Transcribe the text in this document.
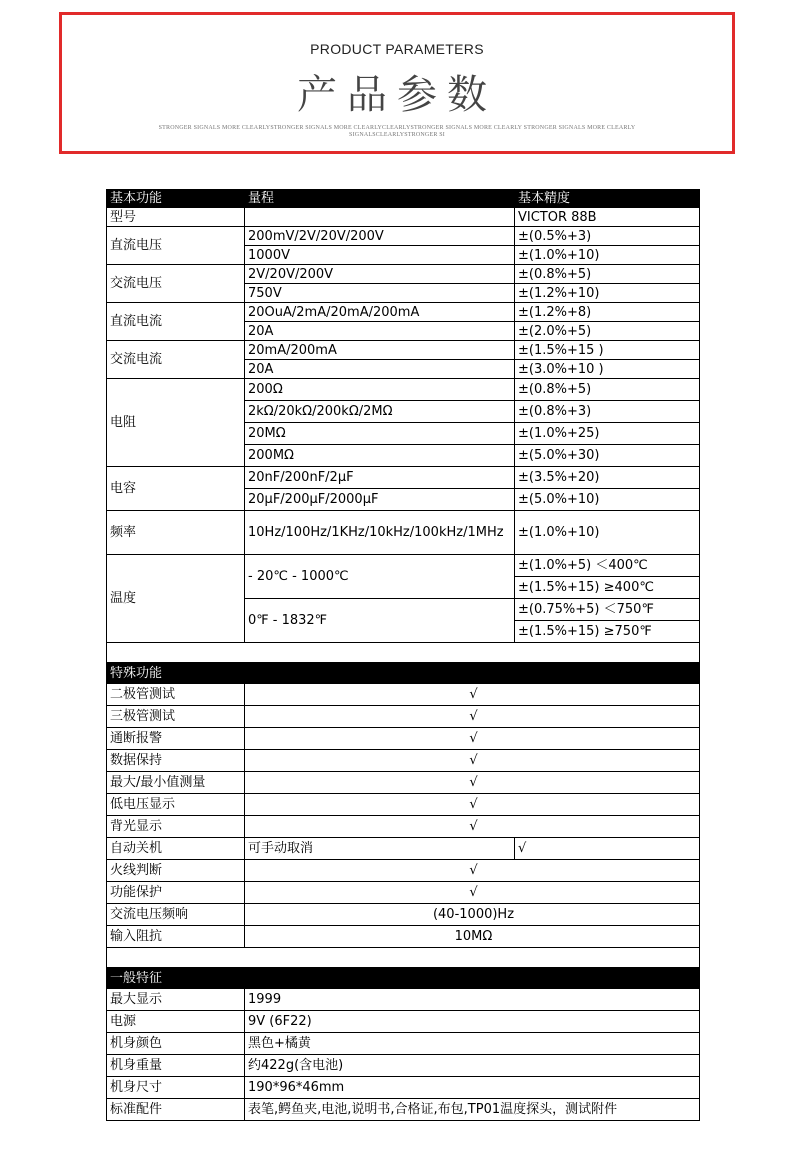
PRODUCT PARAMETERS
产品参数
STRONGER SIGNALS MORE CLEARLYSTRONGER SIGNALS MORE CLEARLYCLEARLYSTRONGER SIGNALS MORE CLEARLY STRONGER SIGNALS MORE CLEARLY SIGNALSCLEARLYSTRONGER SI
基本功能	量程	基本精度
型号		VICTOR 88B
直流电压	200mV/2V/20V/200V	±(0.5%+3)
	1000V	±(1.0%+10)
交流电压	2V/20V/200V	±(0.8%+5)
	750V	±(1.2%+10)
直流电流	20OuA/2mA/20mA/200mA	±(1.2%+8)
	20A	±(2.0%+5)
交流电流	20mA/200mA	±(1.5%+15 )
	20A	±(3.0%+10 )
电阻	200Ω	±(0.8%+5)
	2kΩ/20kΩ/200kΩ/2MΩ	±(0.8%+3)
	20MΩ	±(1.0%+25)
	200MΩ	±(5.0%+30)
电容	20nF/200nF/2μF	±(3.5%+20)
	20μF/200μF/2000μF	±(5.0%+10)
频率	10Hz/100Hz/1KHz/10kHz/100kHz/1MHz	±(1.0%+10)
温度	- 20℃ - 1000℃	±(1.0%+5) ＜400℃
		±(1.5%+15) ≥400℃
	0℉ - 1832℉	±(0.75%+5) ＜750℉
		±(1.5%+15) ≥750℉

特殊功能		
二极管测试	√	
三极管测试	√	
通断报警	√	
数据保持	√	
最大/最小值测量	√	
低电压显示	√	
背光显示	√	
自动关机	可手动取消	√
火线判断	√	
功能保护	√	
交流电压频响	(40-1000)Hz	
输入阻抗	10MΩ	

一般特征		
最大显示	1999	
电源	9V (6F22)	
机身颜色	黑色+橘黄	
机身重量	约422g(含电池)	
机身尺寸	190*96*46mm	
标准配件	表笔,鳄鱼夹,电池,说明书,合格证,布包,TP01温度探头，测试附件	
